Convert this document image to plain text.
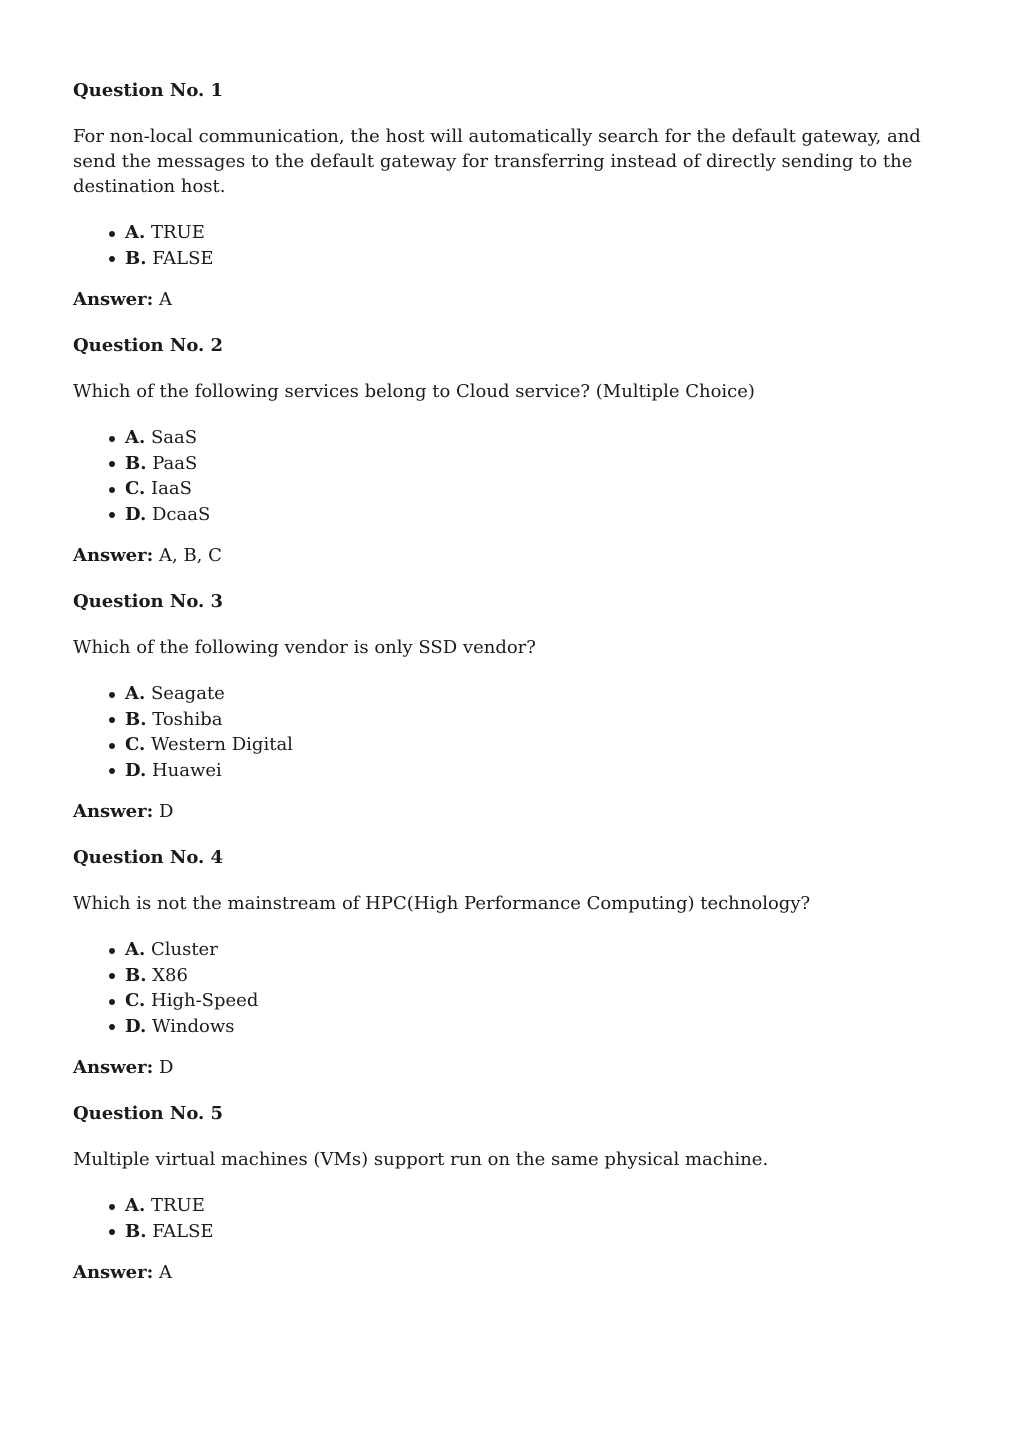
Question No. 1
For non-local communication, the host will automatically search for the default gateway, and send the messages to the default gateway for transferring instead of directly sending to the destination host.
A. TRUE
B. FALSE
Answer: A
Question No. 2
Which of the following services belong to Cloud service? (Multiple Choice)
A. SaaS
B. PaaS
C. IaaS
D. DcaaS
Answer: A, B, C
Question No. 3
Which of the following vendor is only SSD vendor?
A. Seagate
B. Toshiba
C. Western Digital
D. Huawei
Answer: D
Question No. 4
Which is not the mainstream of HPC(High Performance Computing) technology?
A. Cluster
B. X86
C. High-Speed
D. Windows
Answer: D
Question No. 5
Multiple virtual machines (VMs) support run on the same physical machine.
A. TRUE
B. FALSE
Answer: A
